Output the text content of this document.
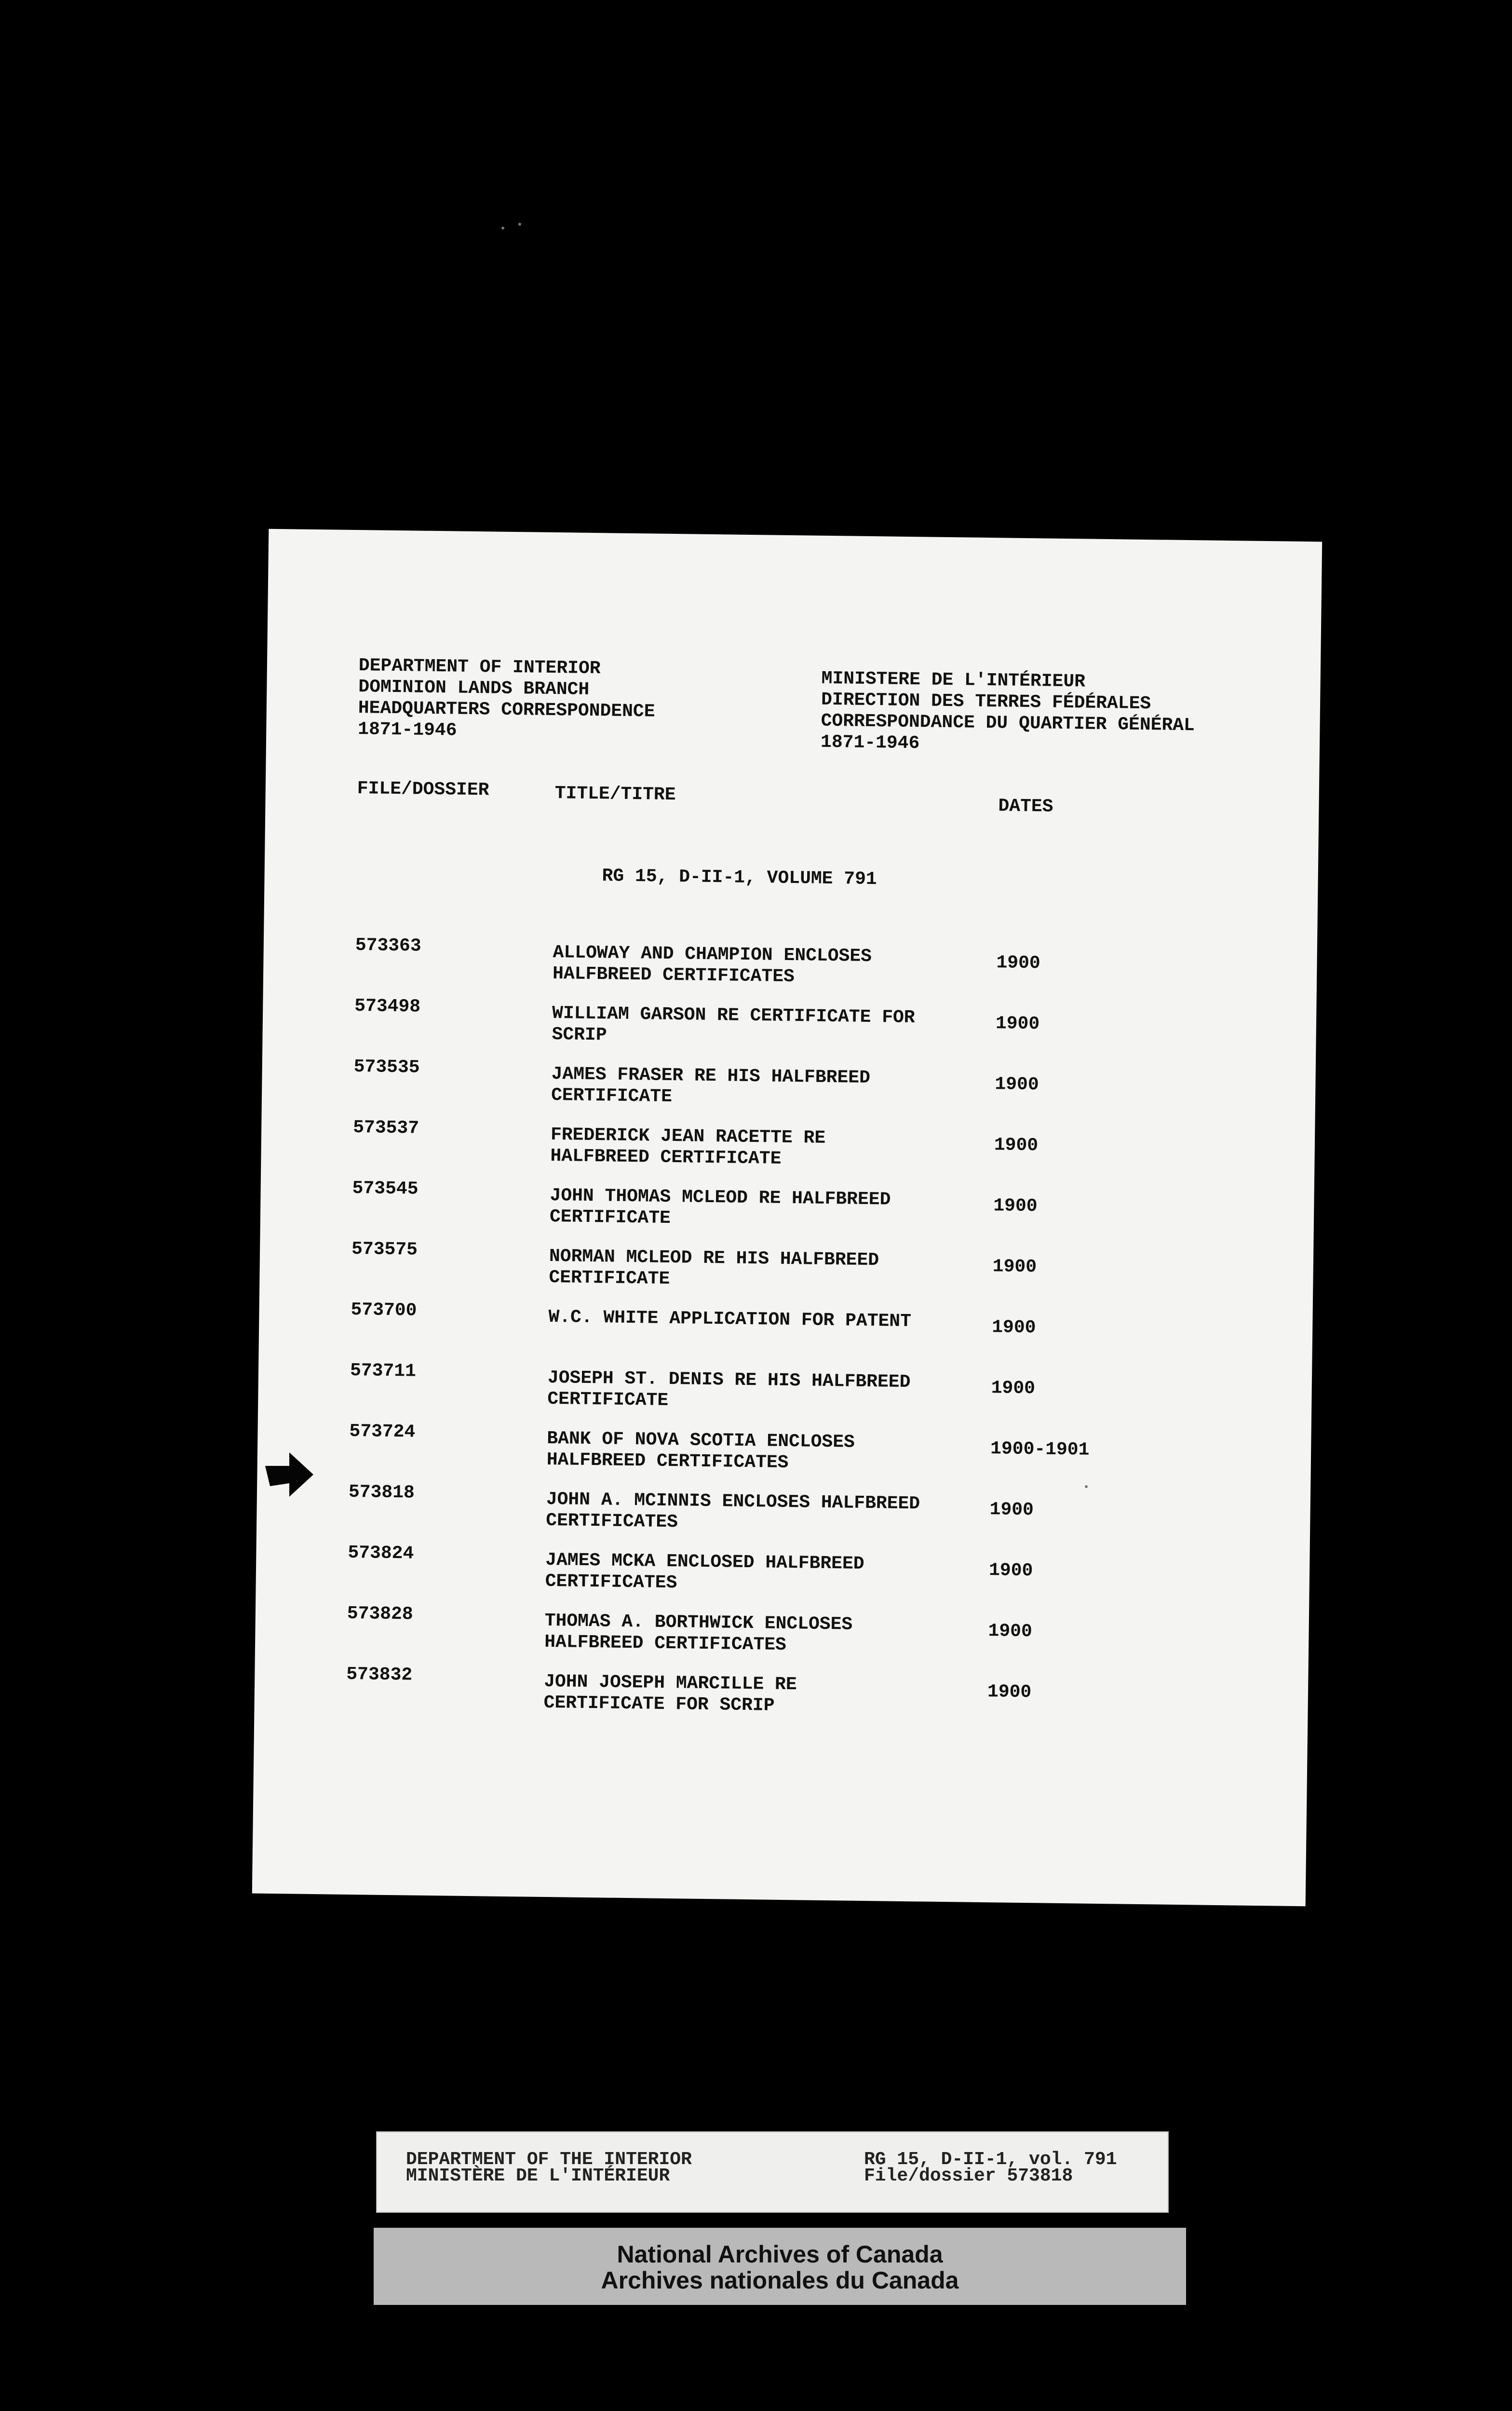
DEPARTMENT OF INTERIOR
DOMINION LANDS BRANCH
HEADQUARTERS CORRESPONDENCE
1871-1946
MINISTERE DE L'INTÉRIEUR
DIRECTION DES TERRES FÉDÉRALES
CORRESPONDANCE DU QUARTIER GÉNÉRAL
1871-1946
FILE/DOSSIER	TITLE/TITRE
DATES
RG 15, D-II-1, VOLUME 791
573363	ALLOWAY AND CHAMPION ENCLOSES
HALFBREED CERTIFICATES
1900
573498	WILLIAM GARSON RE CERTIFICATE FOR
SCRIP
1900
573535	JAMES FRASER RE HIS HALFBREED
CERTIFICATE
1900
573537	FREDERICK JEAN RACETTE RE
HALFBREED CERTIFICATE
1900
573545	JOHN THOMAS MCLEOD RE HALFBREED
CERTIFICATE
1900
573575	NORMAN MCLEOD RE HIS HALFBREED
CERTIFICATE
1900
573700	W.C. WHITE APPLICATION FOR PATENT	1900
573711	JOSEPH ST. DENIS RE HIS HALFBREED
CERTIFICATE
1900
573724	BANK OF NOVA SCOTIA ENCLOSES
HALFBREED CERTIFICATES
1900-1901
573818	JOHN A. MCINNIS ENCLOSES HALFBREED
CERTIFICATES
1900
573824	JAMES MCKA ENCLOSED HALFBREED
CERTIFICATES
1900
573828	THOMAS A. BORTHWICK ENCLOSES
HALFBREED CERTIFICATES
1900
573832	JOHN JOSEPH MARCILLE RE
CERTIFICATE FOR SCRIP
1900
DEPARTMENT OF THE INTERIOR
MINISTÈRE DE L'INTÉRIEUR
RG 15, D-II-1, vol. 791
File/dossier 573818
National Archives of Canada
Archives nationales du Canada
